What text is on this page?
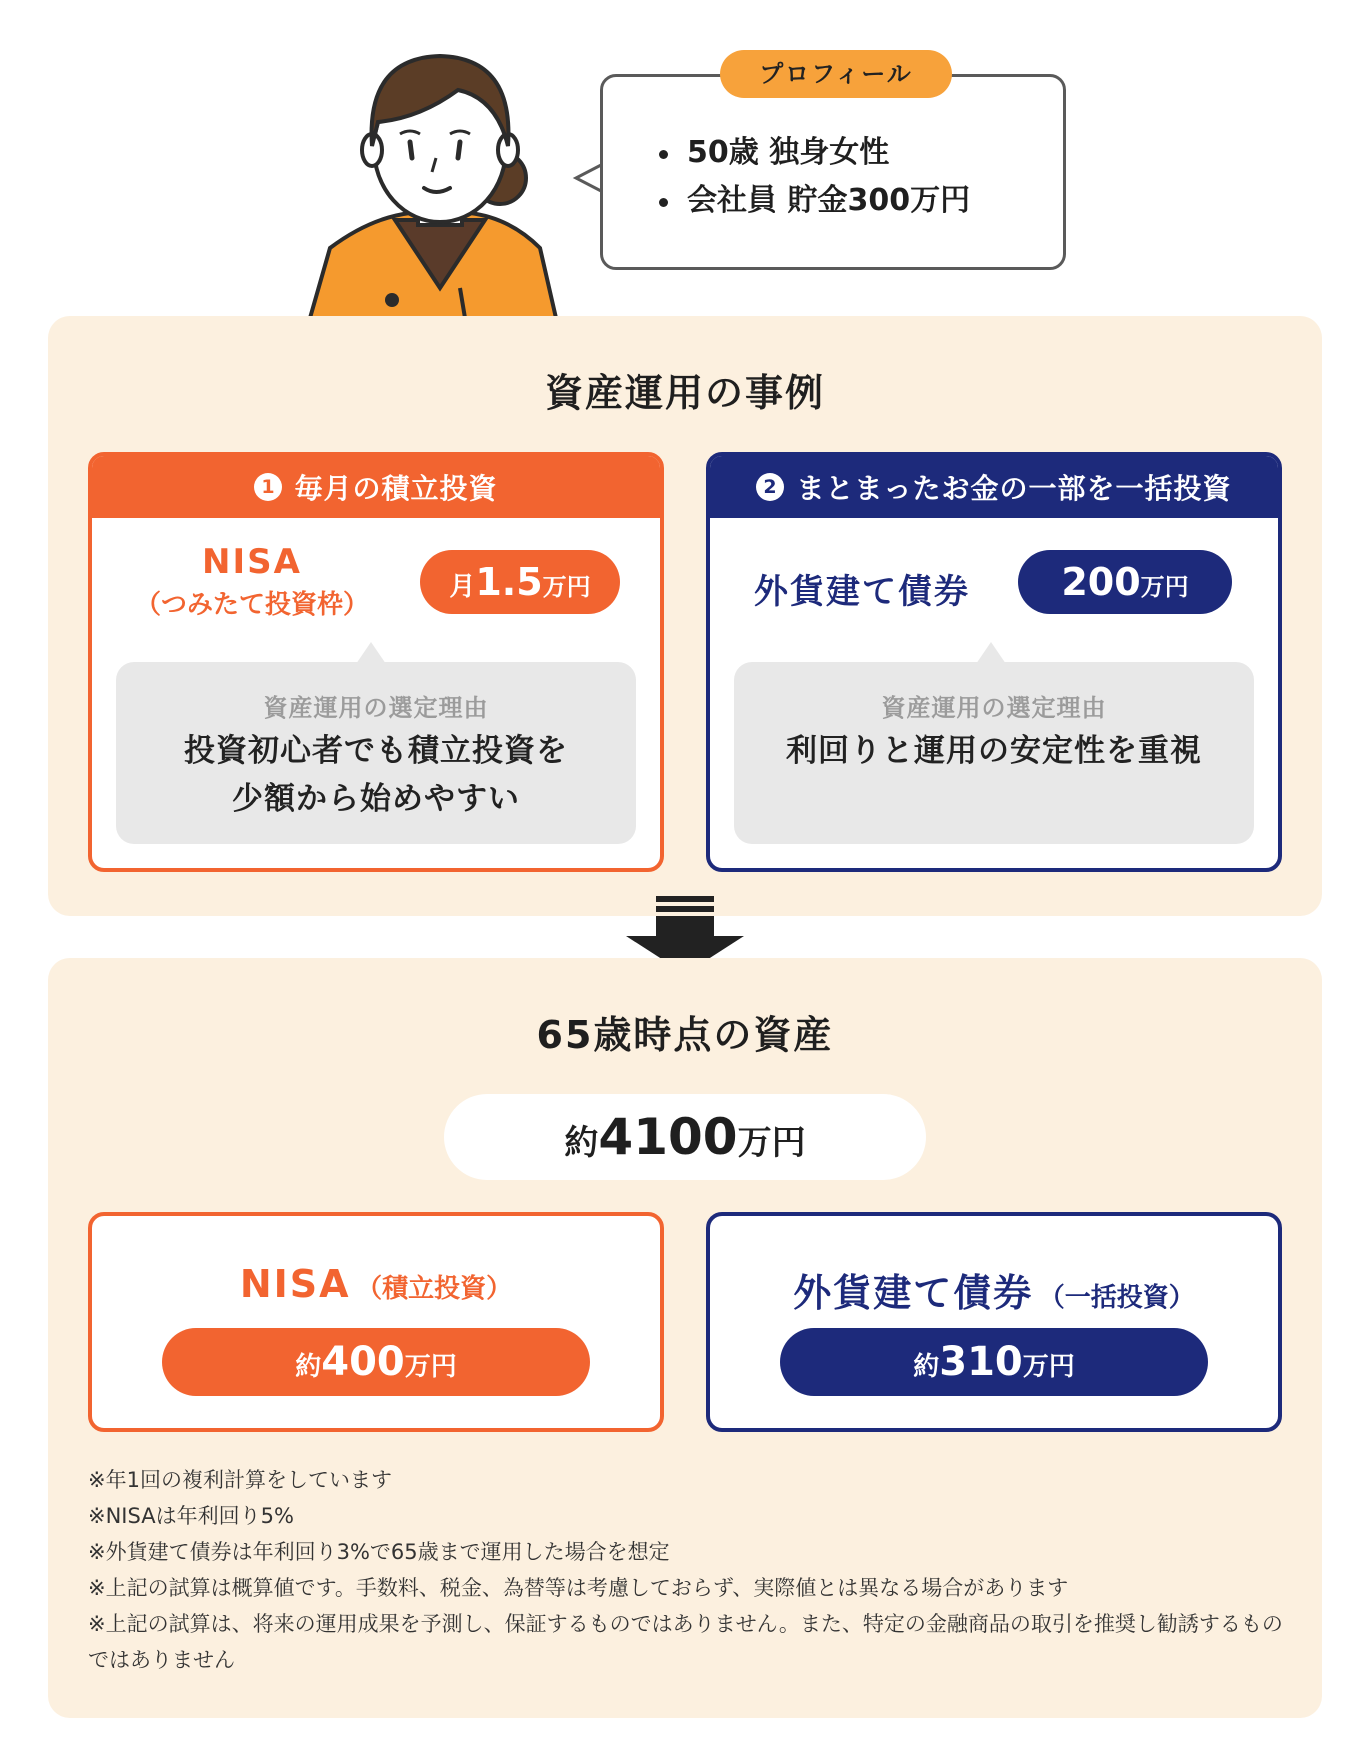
50歳 独身女性
会社員 貯金300万円
プロフィール
資産運用の事例
1 毎月の積立投資
NISA
（つみたて投資枠）
月 1.5 万円
資産運用の選定理由
投資初心者でも積立投資を
少額から始めやすい
2 まとまったお金の一部を一括投資
外貨建て債券 200 万円
資産運用の選定理由
利回りと運用の安定性を重視
65歳時点の資産
約 4100 万円
NISA （積立投資）
約 400 万円
外貨建て債券 （一括投資）
約 310 万円

※年1回の複利計算をしています

※NISAは年利回り5%

※外貨建て債券は年利回り3%で65歳まで運用した場合を想定

※上記の試算は概算値です。手数料、税金、為替等は考慮しておらず、実際値とは異なる場合があります

※上記の試算は、将来の運用成果を予測し、保証するものではありません。また、特定の金融商品の取引を推奨し勧誘するものではありません
